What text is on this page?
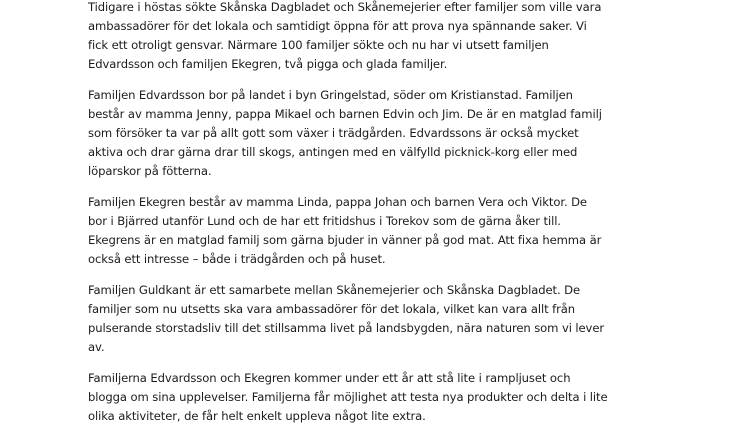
Tidigare i höstas sökte Skånska Dagbladet och Skånemejerier efter familjer som ville vara ambassadörer för det lokala och samtidigt öppna för att prova nya spännande saker. Vi fick ett otroligt gensvar. Närmare 100 familjer sökte och nu har vi utsett familjen Edvardsson och familjen Ekegren, två pigga och glada familjer.

Familjen Edvardsson bor på landet i byn Gringelstad, söder om Kristianstad. Familjen består av mamma Jenny, pappa Mikael och barnen Edvin och Jim. De är en matglad familj som försöker ta var på allt gott som växer i trädgården. Edvardssons är också mycket aktiva och drar gärna drar till skogs, antingen med en välfylld picknick-korg eller med löparskor på fötterna.

Familjen Ekegren består av mamma Linda, pappa Johan och barnen Vera och Viktor. De bor i Bjärred utanför Lund och de har ett fritidshus i Torekov som de gärna åker till. Ekegrens är en matglad familj som gärna bjuder in vänner på god mat. Att fixa hemma är också ett intresse – både i trädgården och på huset.

Familjen Guldkant är ett samarbete mellan Skånemejerier och Skånska Dagbladet. De familjer som nu utsetts ska vara ambassadörer för det lokala, vilket kan vara allt från pulserande storstadsliv till det stillsamma livet på landsbygden, nära naturen som vi lever av.

Familjerna Edvardsson och Ekegren kommer under ett år att stå lite i rampljuset och blogga om sina upplevelser. Familjerna får möjlighet att testa nya produkter och delta i lite olika aktiviteter, de får helt enkelt uppleva något lite extra.
